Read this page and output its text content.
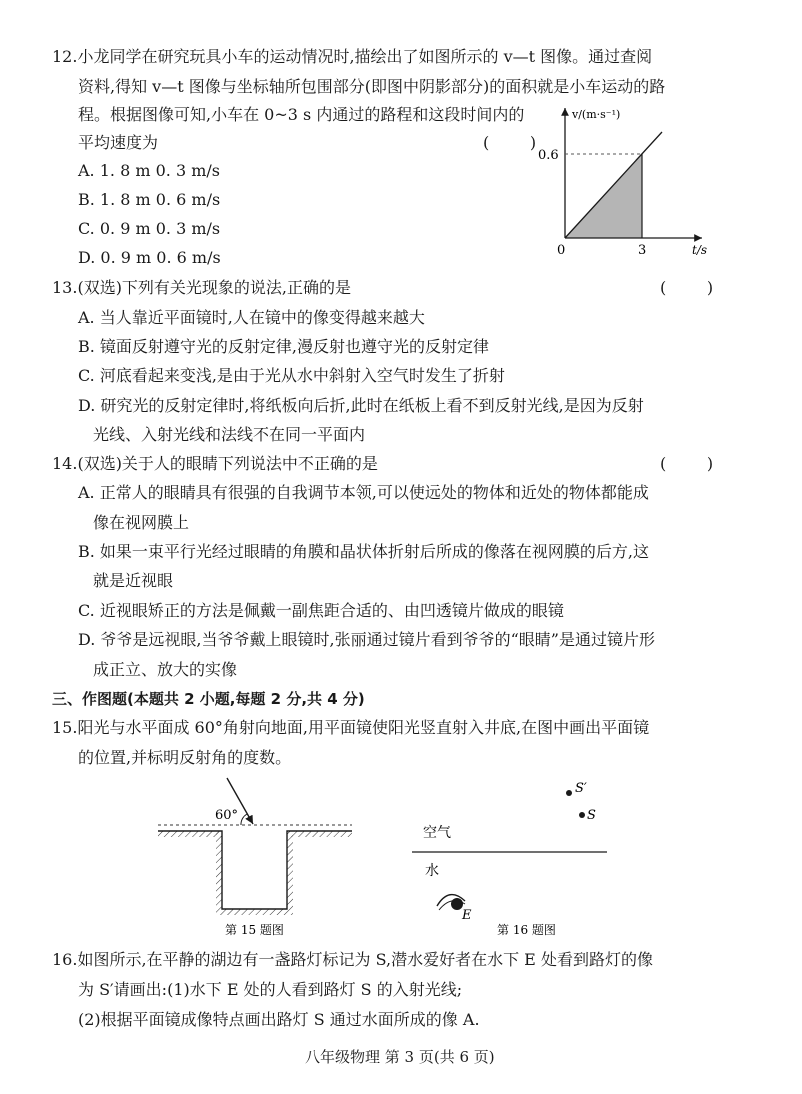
12.小龙同学在研究玩具小车的运动情况时,描绘出了如图所示的 v—t 图像。通过查阅
资料,得知 v—t 图像与坐标轴所包围部分(即图中阴影部分)的面积就是小车运动的路
程。根据图像可知,小车在 0~3 s 内通过的路程和这段时间内的
平均速度为	(        )
A. 1. 8 m 0. 3 m/s
B. 1. 8 m 0. 6 m/s
C. 0. 9 m 0. 3 m/s
D. 0. 9 m 0. 6 m/s
v/(m·s⁻¹)
t/s
0
0.6
3
13.(双选)下列有关光现象的说法,正确的是	(        )
A. 当人靠近平面镜时,人在镜中的像变得越来越大
B. 镜面反射遵守光的反射定律,漫反射也遵守光的反射定律
C. 河底看起来变浅,是由于光从水中斜射入空气时发生了折射
D. 研究光的反射定律时,将纸板向后折,此时在纸板上看不到反射光线,是因为反射
光线、入射光线和法线不在同一平面内
14.(双选)关于人的眼睛下列说法中不正确的是	(        )
A. 正常人的眼睛具有很强的自我调节本领,可以使远处的物体和近处的物体都能成
像在视网膜上
B. 如果一束平行光经过眼睛的角膜和晶状体折射后所成的像落在视网膜的后方,这
就是近视眼
C. 近视眼矫正的方法是佩戴一副焦距合适的、由凹透镜片做成的眼镜
D. 爷爷是远视眼,当爷爷戴上眼镜时,张丽通过镜片看到爷爷的“眼睛”是通过镜片形
成正立、放大的实像
三、作图题(本题共 2 小题,每题 2 分,共 4 分)
15.阳光与水平面成 60°角射向地面,用平面镜使阳光竖直射入井底,在图中画出平面镜
的位置,并标明反射角的度数。
60°
第 15 题图
S′
S
空气
水
E
第 16 题图
16.如图所示,在平静的湖边有一盏路灯标记为 S,潜水爱好者在水下 E 处看到路灯的像
为 S′请画出:(1)水下 E 处的人看到路灯 S 的入射光线;
(2)根据平面镜成像特点画出路灯 S 通过水面所成的像 A.
八年级物理 第 3 页(共 6 页)
